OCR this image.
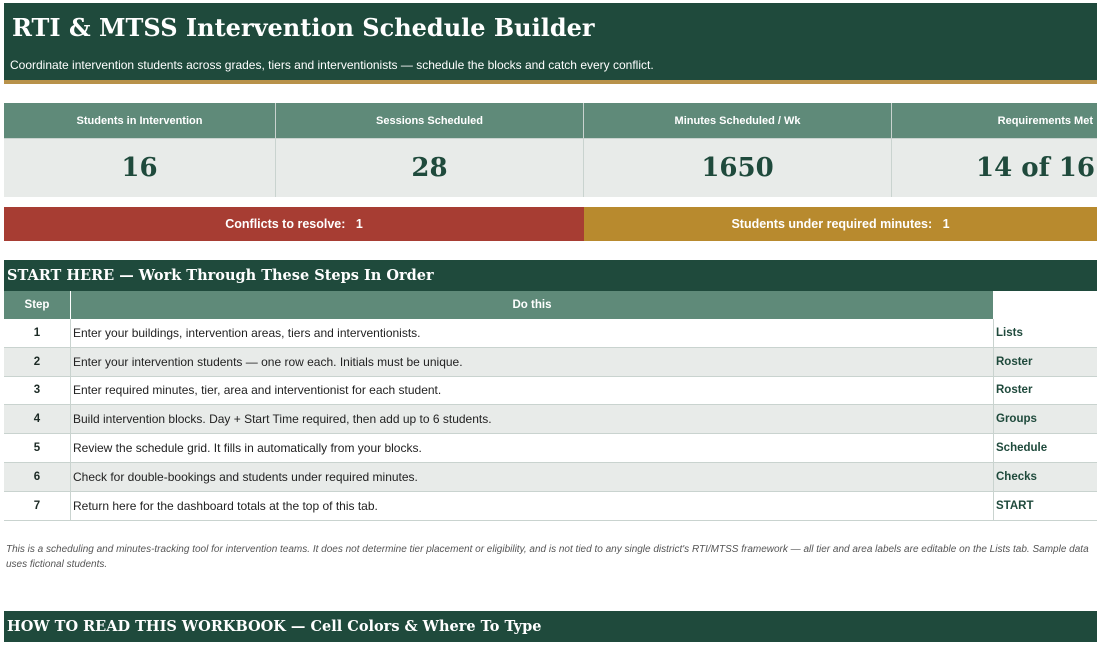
RTI & MTSS Intervention Schedule Builder
Coordinate intervention students across grades, tiers and interventionists — schedule the blocks and catch every conflict.
Students in Intervention
16
Sessions Scheduled
28
Minutes Scheduled / Wk
1650
Requirements Met
14 of 16
Conflicts to resolve:   1	Students under required minutes:   1
START HERE — Work Through These Steps In Order
Step	Do this
1	Enter your buildings, intervention areas, tiers and interventionists.	Lists
2	Enter your intervention students — one row each. Initials must be unique.	Roster
3	Enter required minutes, tier, area and interventionist for each student.	Roster
4	Build intervention blocks. Day + Start Time required, then add up to 6 students.	Groups
5	Review the schedule grid. It fills in automatically from your blocks.	Schedule
6	Check for double-bookings and students under required minutes.	Checks
7	Return here for the dashboard totals at the top of this tab.	START
This is a scheduling and minutes-tracking tool for intervention teams. It does not determine tier placement or eligibility, and is not tied to any single district's RTI/MTSS framework — all tier and area labels are editable on the Lists tab. Sample data uses fictional students.
HOW TO READ THIS WORKBOOK — Cell Colors & Where To Type
